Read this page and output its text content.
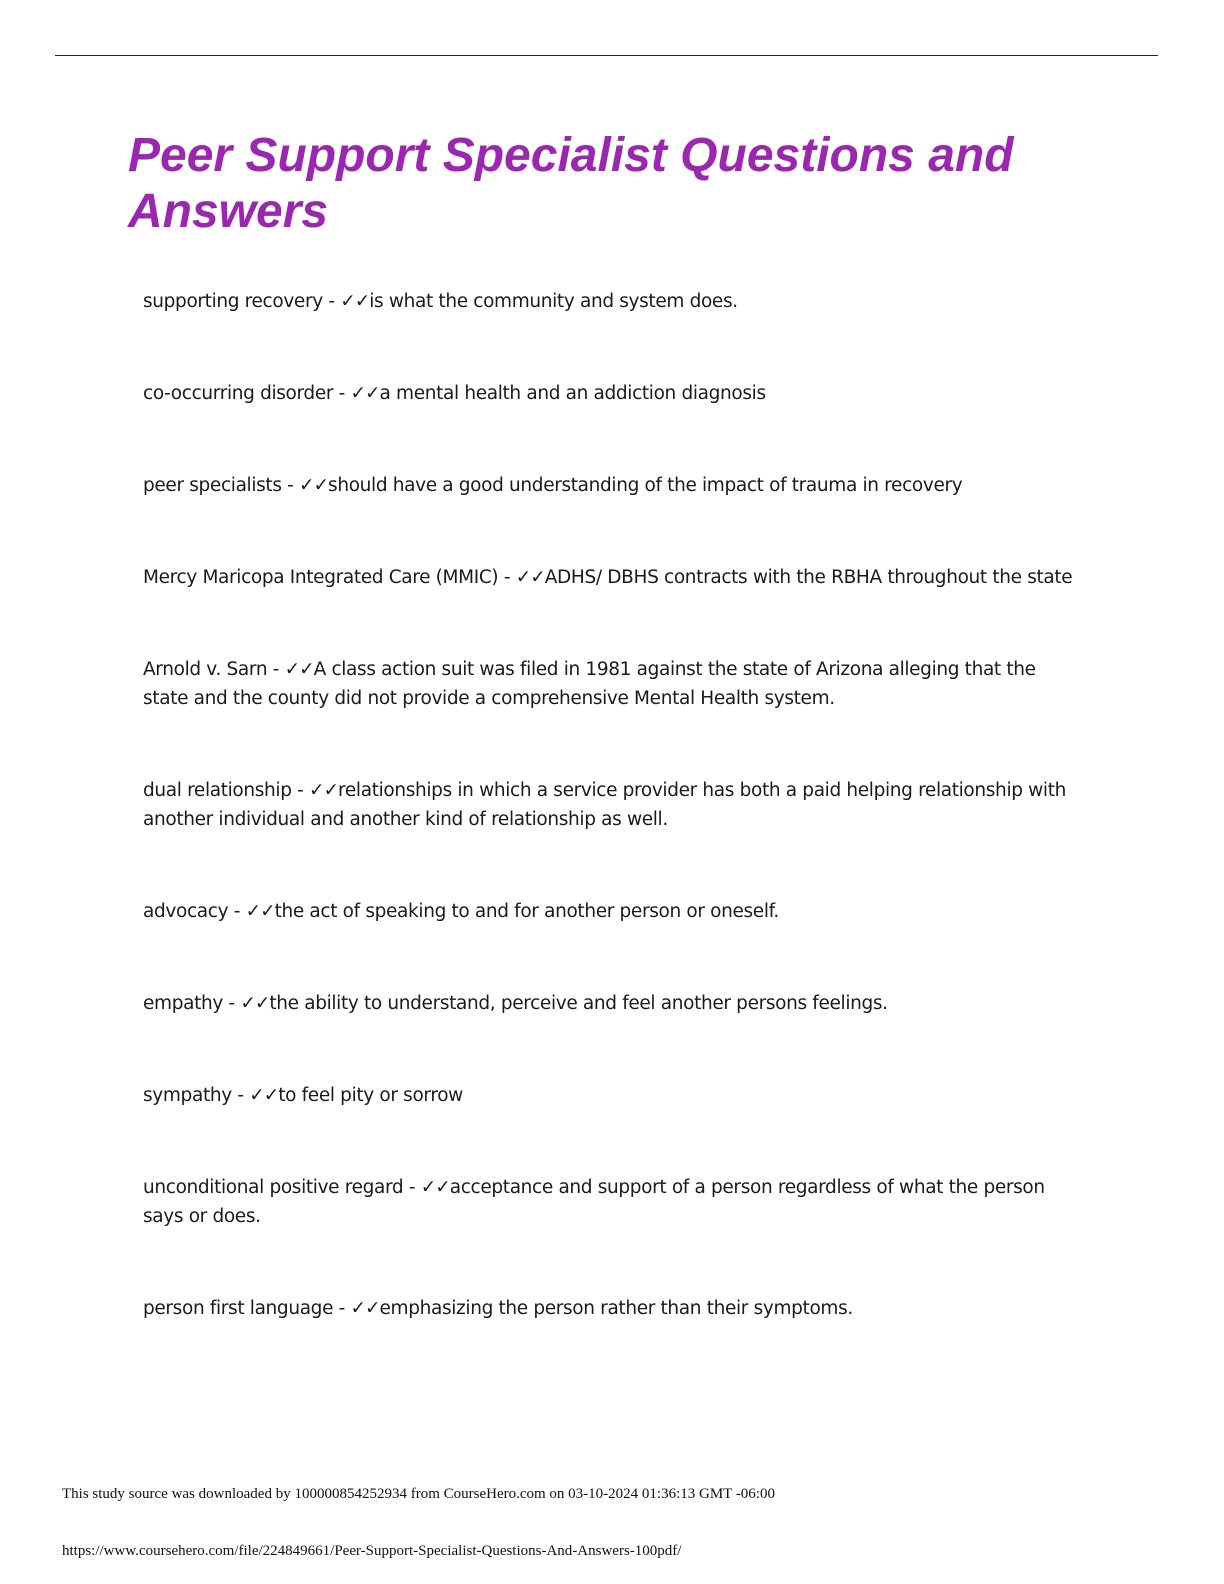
Peer Support Specialist Questions and Answers
supporting recovery - ✓✓is what the community and system does.
co-occurring disorder - ✓✓a mental health and an addiction diagnosis
peer specialists - ✓✓should have a good understanding of the impact of trauma in recovery
Mercy Maricopa Integrated Care (MMIC) - ✓✓ADHS/ DBHS contracts with the RBHA throughout the state
Arnold v. Sarn - ✓✓A class action suit was filed in 1981 against the state of Arizona alleging that the state and the county did not provide a comprehensive Mental Health system.
dual relationship - ✓✓relationships in which a service provider has both a paid helping relationship with another individual and another kind of relationship as well.
advocacy - ✓✓the act of speaking to and for another person or oneself.
empathy - ✓✓the ability to understand, perceive and feel another persons feelings.
sympathy - ✓✓to feel pity or sorrow
unconditional positive regard - ✓✓acceptance and support of a person regardless of what the person says or does.
person first language - ✓✓emphasizing the person rather than their symptoms.
This study source was downloaded by 100000854252934 from CourseHero.com on 03-10-2024 01:36:13 GMT -06:00
https://www.coursehero.com/file/224849661/Peer-Support-Specialist-Questions-And-Answers-100pdf/
